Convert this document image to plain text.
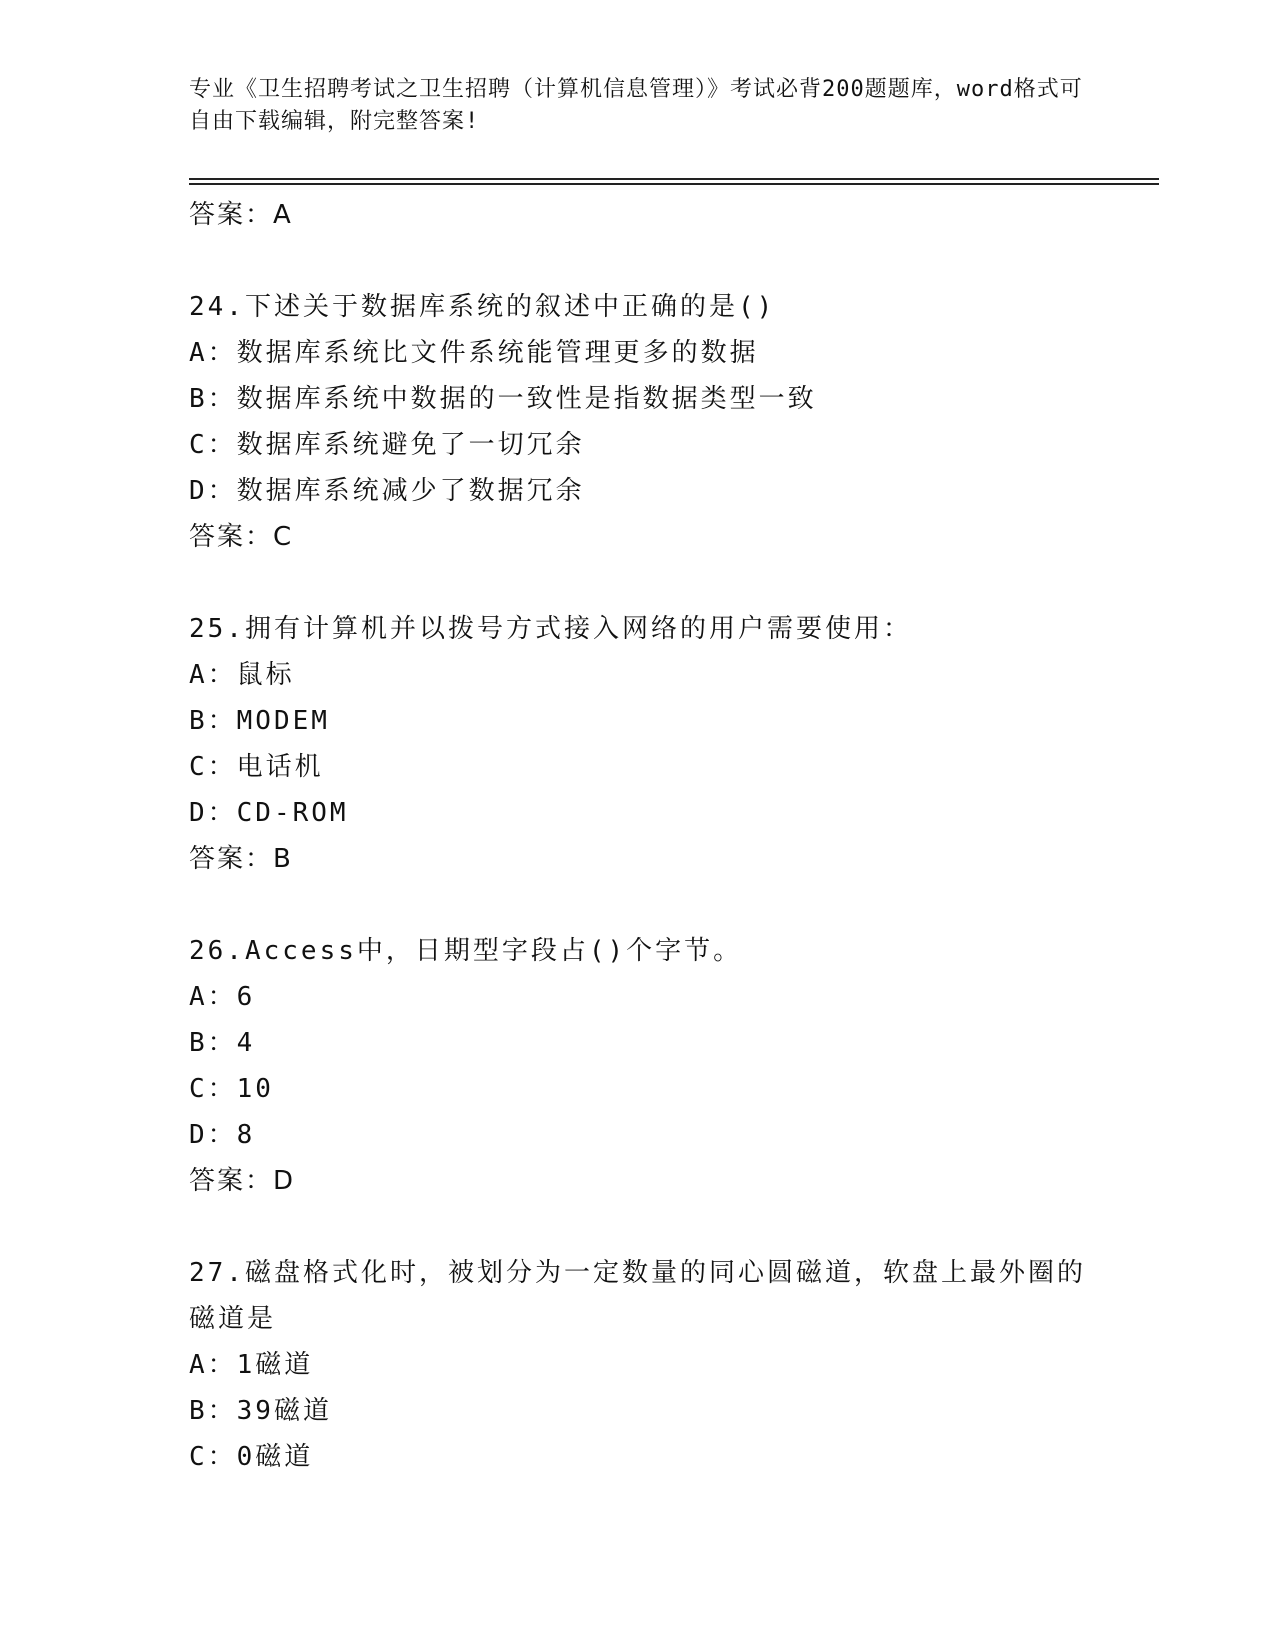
专业《卫生招聘考试之卫生招聘（计算机信息管理）》考试必背200题题库，word格式可自由下载编辑，附完整答案!
答案：A
24.下述关于数据库系统的叙述中正确的是()
A：数据库系统比文件系统能管理更多的数据
B：数据库系统中数据的一致性是指数据类型一致
C：数据库系统避免了一切冗余
D：数据库系统减少了数据冗余
答案：C
25.拥有计算机并以拨号方式接入网络的用户需要使用：
A：鼠标
B：MODEM
C：电话机
D：CD-ROM
答案：B
26.Access中，日期型字段占()个字节。
A：6
B：4
C：10
D：8
答案：D
27.磁盘格式化时，被划分为一定数量的同心圆磁道，软盘上最外圈的磁道是
A：1磁道
B：39磁道
C：0磁道
